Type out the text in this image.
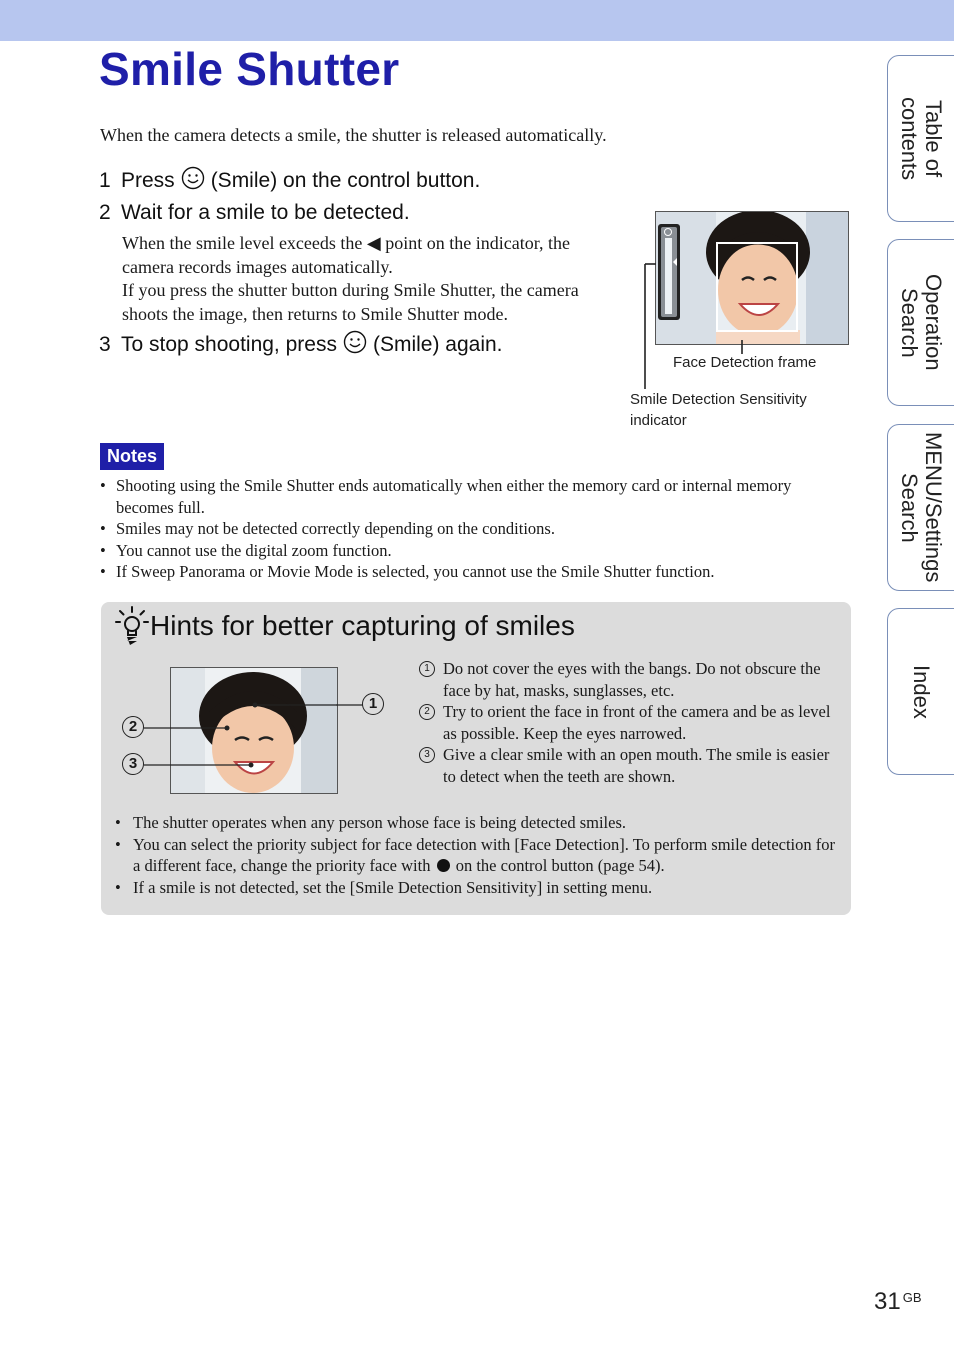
Smile Shutter
When the camera detects a smile, the shutter is released automatically.
1 Press (Smile) on the control button.
2 Wait for a smile to be detected.

When the smile level exceeds the ◀ point on the indicator, the camera records images automatically.

If you press the shutter button during Smile Shutter, the camera shoots the image, then returns to Smile Shutter mode.

3 To stop shooting, press (Smile) again.
Face Detection frame
Smile Detection Sensitivity indicator
Notes
• Shooting using the Smile Shutter ends automatically when either the memory card or internal memory becomes full.
• Smiles may not be detected correctly depending on the conditions.
• You cannot use the digital zoom function.
• If Sweep Panorama or Movie Mode is selected, you cannot use the Smile Shutter function.
Hints for better capturing of smiles
1
2
3
1 Do not cover the eyes with the bangs. Do not obscure the face by hat, masks, sunglasses, etc.
2 Try to orient the face in front of the camera and be as level as possible. Keep the eyes narrowed.
3 Give a clear smile with an open mouth. The smile is easier to detect when the teeth are shown.
• The shutter operates when any person whose face is being detected smiles.
• You can select the priority subject for face detection with [Face Detection]. To perform smile detection for a different face, change the priority face with on the control button (page 54).
• If a smile is not detected, set the [Smile Detection Sensitivity] in setting menu.
Table of
contents
Operation
Search
MENU/Settings
Search
Index
31 $^{GB}$
